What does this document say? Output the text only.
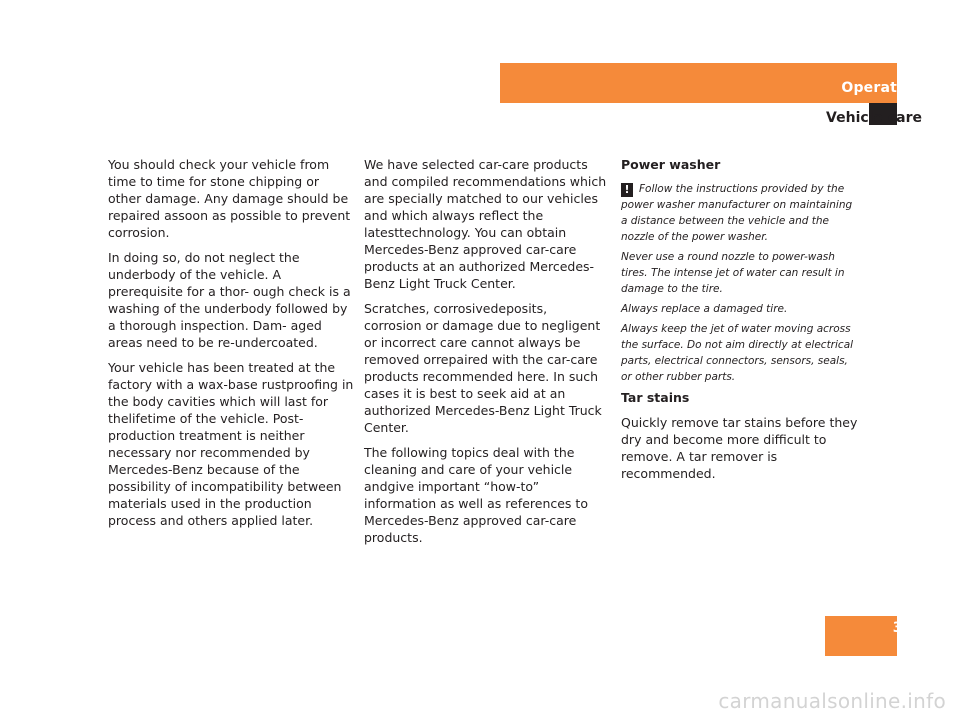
Operation
Vehicle care

You should check your vehicle from time to time for stone chipping or other damage. Any damage should be repaired assoon as possible to prevent corrosion.

In doing so, do not neglect the underbody of the vehicle. A prerequisite for a thor- ough check is a washing of the underbody followed by a thorough inspection. Dam- aged areas need to be re-undercoated.

Your vehicle has been treated at the factory with a wax-base rustproofing in the body cavities which will last for thelifetime of the vehicle. Post-production treatment is neither necessary nor recommended by Mercedes-Benz because of the possibility of incompatibility between materials used in the production process and others applied later.

We have selected car-care products and compiled recommendations which are specially matched to our vehicles and which always reflect the latesttechnology. You can obtain Mercedes-Benz approved car-care products at an authorized Mercedes-Benz Light Truck Center.

Scratches, corrosivedeposits, corrosion or damage due to negligent or incorrect care cannot always be removed orrepaired with the car-care products recommended here. In such cases it is best to seek aid at an authorized Mercedes-Benz Light Truck Center.

The following topics deal with the cleaning and care of your vehicle andgive important “how-to” information as well as references to Mercedes-Benz approved car-care products.

Power washer

! Follow the instructions provided by the power washer manufacturer on maintaining a distance between the vehicle and the nozzle of the power washer.

Never use a round nozzle to power-wash tires. The intense jet of water can result in damage to the tire.

Always replace a damaged tire.

Always keep the jet of water moving across the surface. Do not aim directly at electrical parts, electrical connectors, sensors, seals, or other rubber parts.

Tar stains

Quickly remove tar stains before they dry and become more difficult to remove. A tar remover is recommended.

315
carmanualsonline.info
